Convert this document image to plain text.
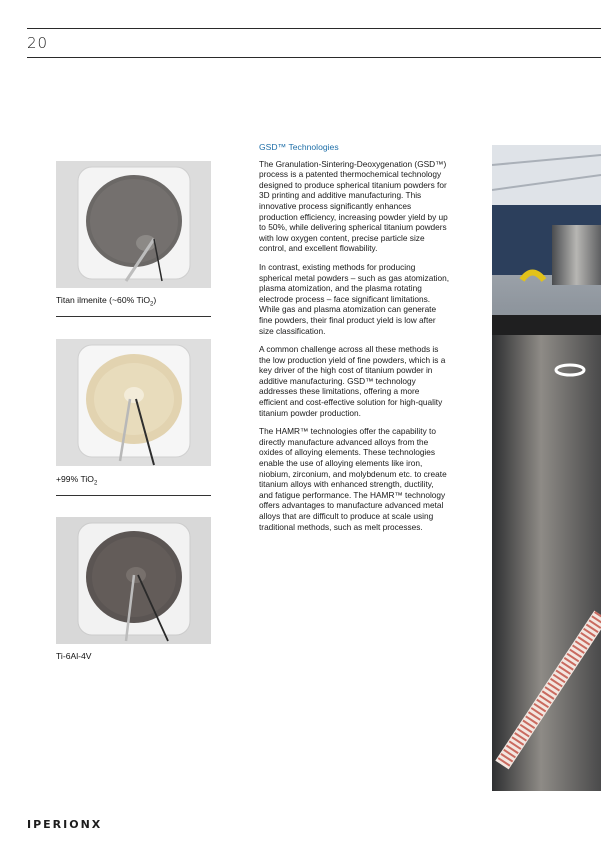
20
Titan ilmenite (~60% TiO$_2$)
+99% TiO$_2$
Ti-6Al-4V
GSD™ Technologies

The Granulation-Sintering-Deoxygenation (GSD™) process is a patented thermochemical technology designed to produce spherical titanium powders for 3D printing and additive manufacturing. This innovative process significantly enhances production efficiency, increasing powder yield by up to 50%, while delivering spherical titanium powders with low oxygen content, precise particle size control, and excellent flowability.

In contrast, existing methods for producing spherical metal powders – such as gas atomization, plasma atomization, and the plasma rotating electrode process – face significant limitations. While gas and plasma atomization can generate fine powders, their final product yield is low after size classification.

A common challenge across all these methods is the low production yield of fine powders, which is a key driver of the high cost of titanium powder in additive manufacturing. GSD™ technology addresses these limitations, offering a more efficient and cost-effective solution for high-quality titanium powder production.

The HAMR™ technologies offer the capability to directly manufacture advanced alloys from the oxides of alloying elements. These technologies enable the use of alloying elements like iron, niobium, zirconium, and molybdenum etc. to create titanium alloys with enhanced strength, ductility, and fatigue performance. The HAMR™ technology offers advantages to manufacture advanced metal alloys that are difficult to produce at scale using traditional methods, such as melt processes.

IPERIONX
